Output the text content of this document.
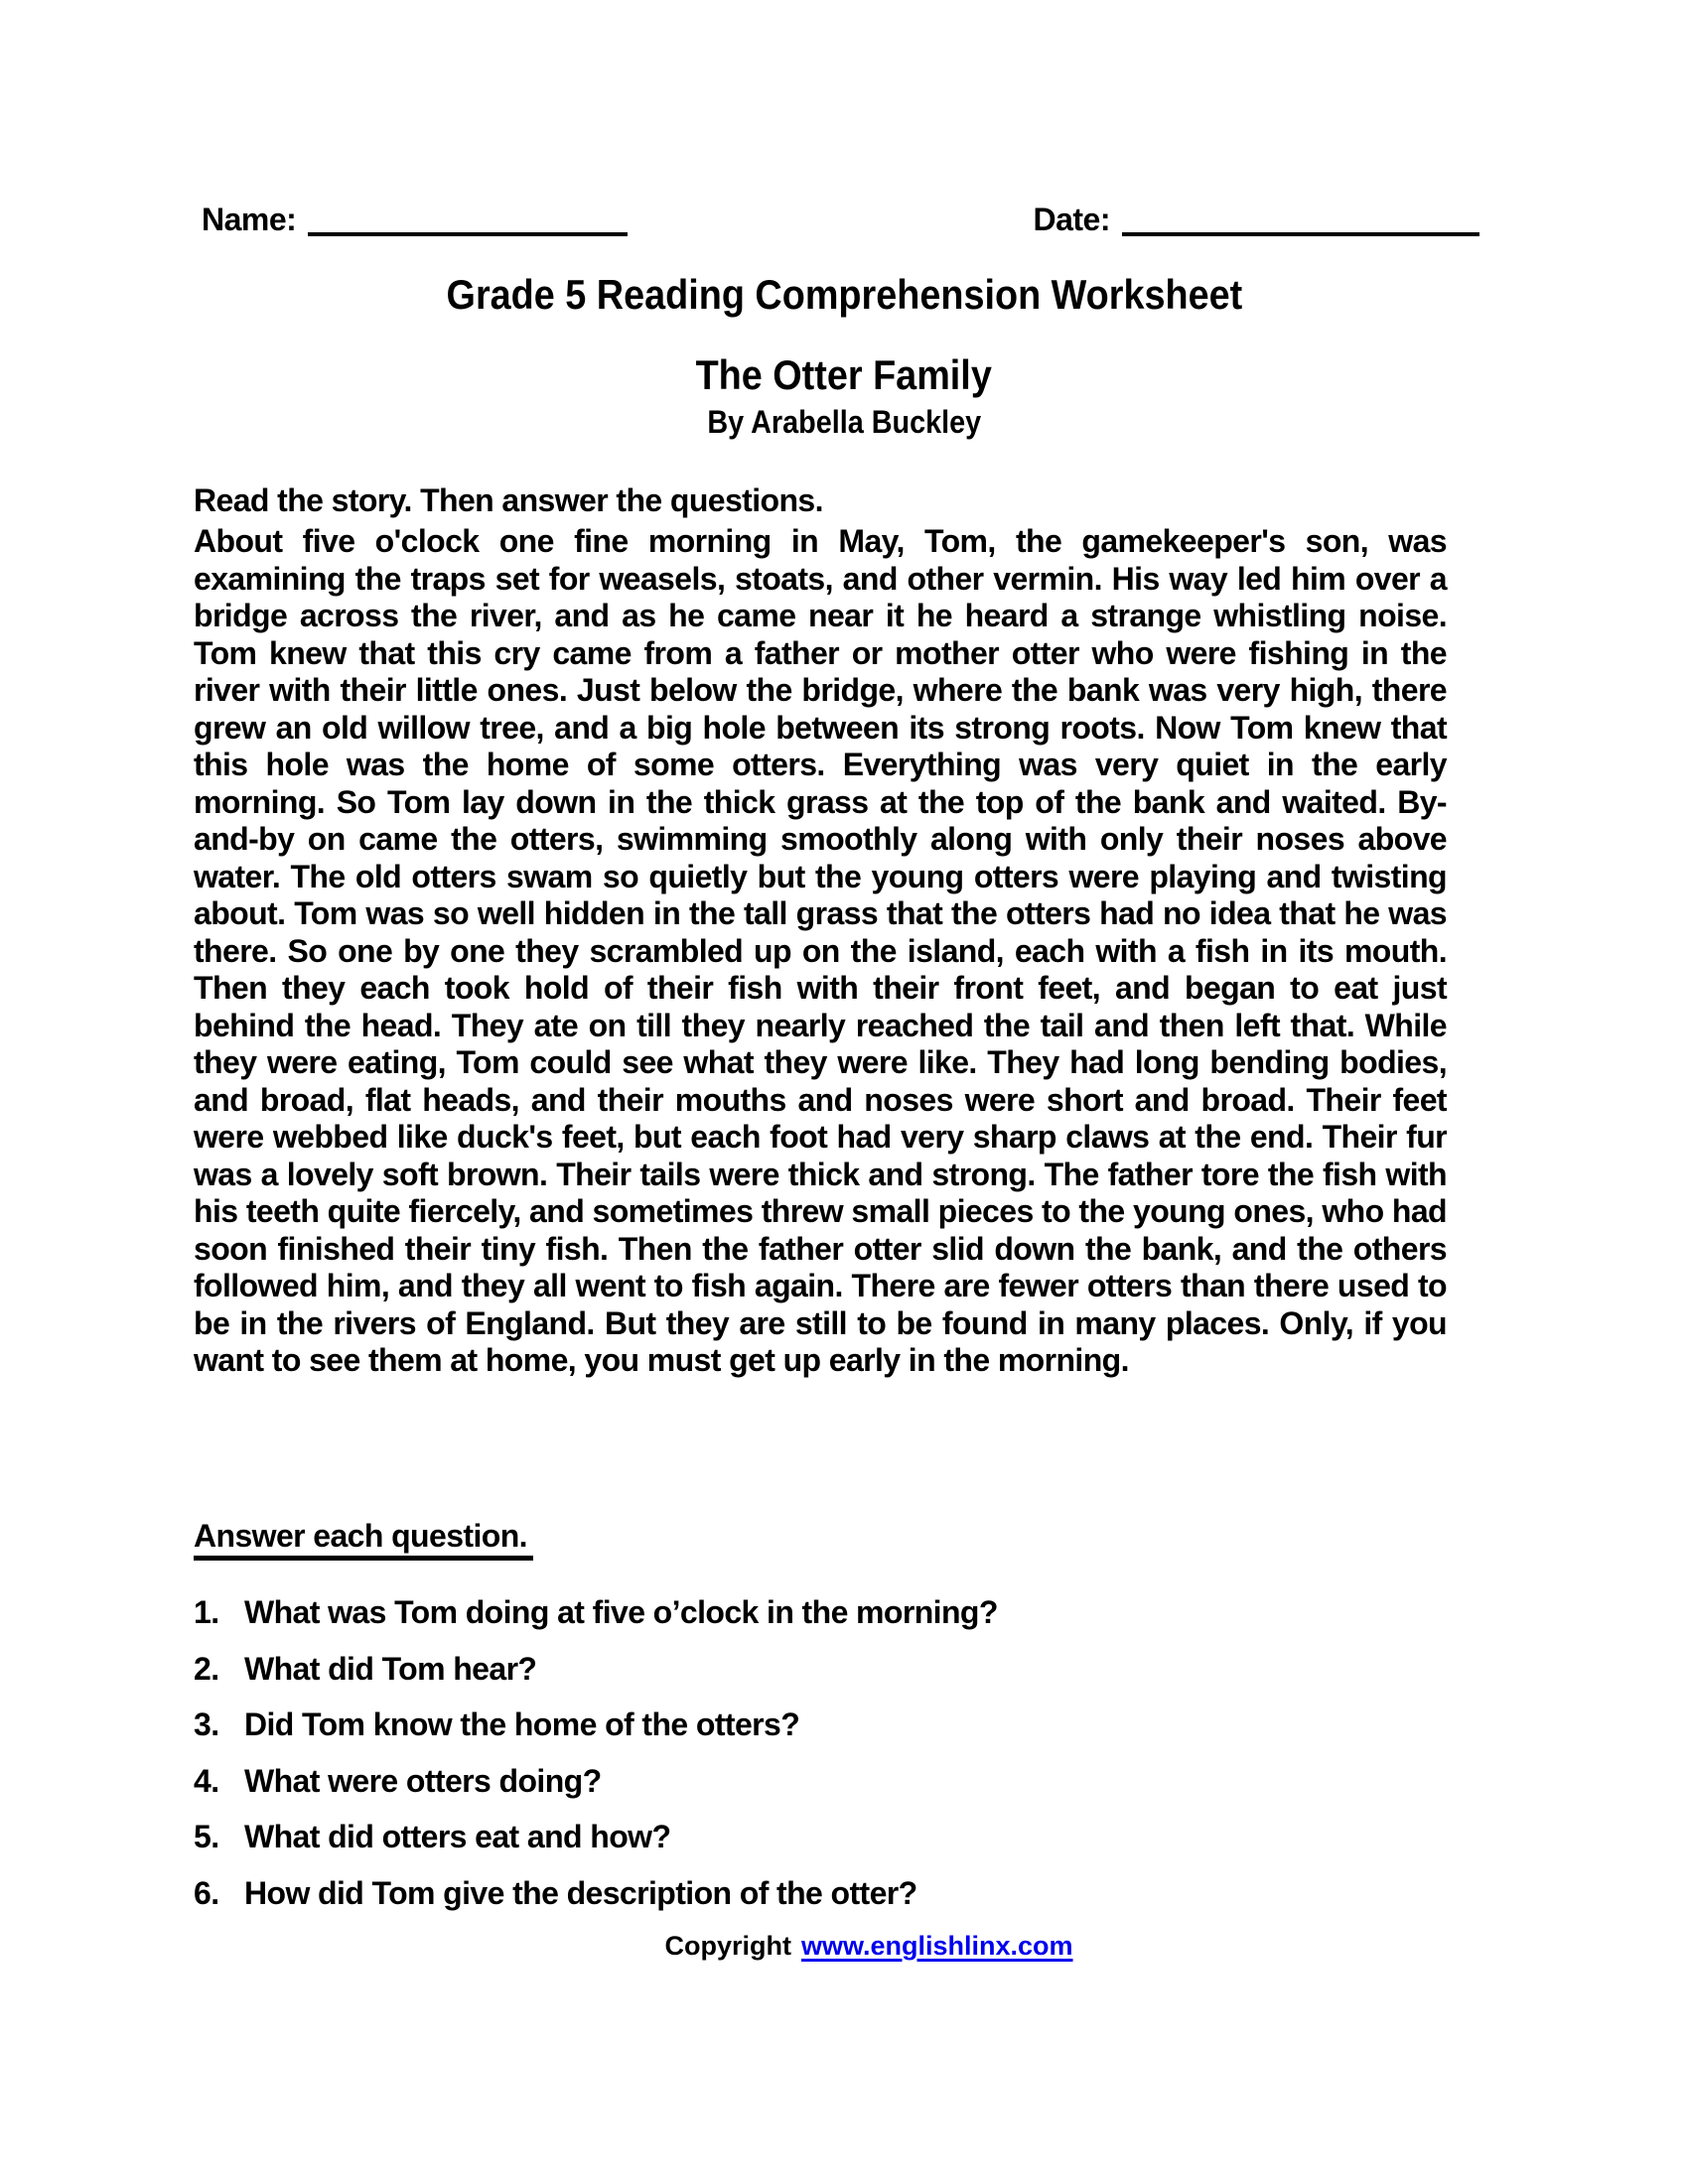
Name:	Date:
Grade 5 Reading Comprehension Worksheet
The Otter Family
By Arabella Buckley
Read the story. Then answer the questions.
About five o'clock one fine morning in May, Tom, the gamekeeper's son, was examining the traps set for weasels, stoats, and other vermin. His way led him over a bridge across the river, and as he came near it he heard a strange whistling noise. Tom knew that this cry came from a father or mother otter who were fishing in the river with their little ones. Just below the bridge, where the bank was very high, there grew an old willow tree, and a big hole between its strong roots. Now Tom knew that this hole was the home of some otters. Everything was very quiet in the early morning. So Tom lay down in the thick grass at the top of the bank and waited. By-and-by on came the otters, swimming smoothly along with only their noses above water. The old otters swam so quietly but the young otters were playing and twisting about. Tom was so well hidden in the tall grass that the otters had no idea that he was there. So one by one they scrambled up on the island, each with a fish in its mouth. Then they each took hold of their fish with their front feet, and began to eat just behind the head. They ate on till they nearly reached the tail and then left that. While they were eating, Tom could see what they were like. They had long bending bodies, and broad, flat heads, and their mouths and noses were short and broad. Their feet were webbed like duck's feet, but each foot had very sharp claws at the end. Their fur was a lovely soft brown. Their tails were thick and strong. The father tore the fish with his teeth quite fiercely, and sometimes threw small pieces to the young ones, who had soon finished their tiny fish. Then the father otter slid down the bank, and the others followed him, and they all went to fish again. There are fewer otters than there used to be in the rivers of England. But they are still to be found in many places. Only, if you want to see them at home, you must get up early in the morning.
Answer each question.
1. What was Tom doing at five o’clock in the morning?
2. What did Tom hear?
3. Did Tom know the home of the otters?
4. What were otters doing?
5. What did otters eat and how?
6. How did Tom give the description of the otter?
Copyright www.englishlinx.com
